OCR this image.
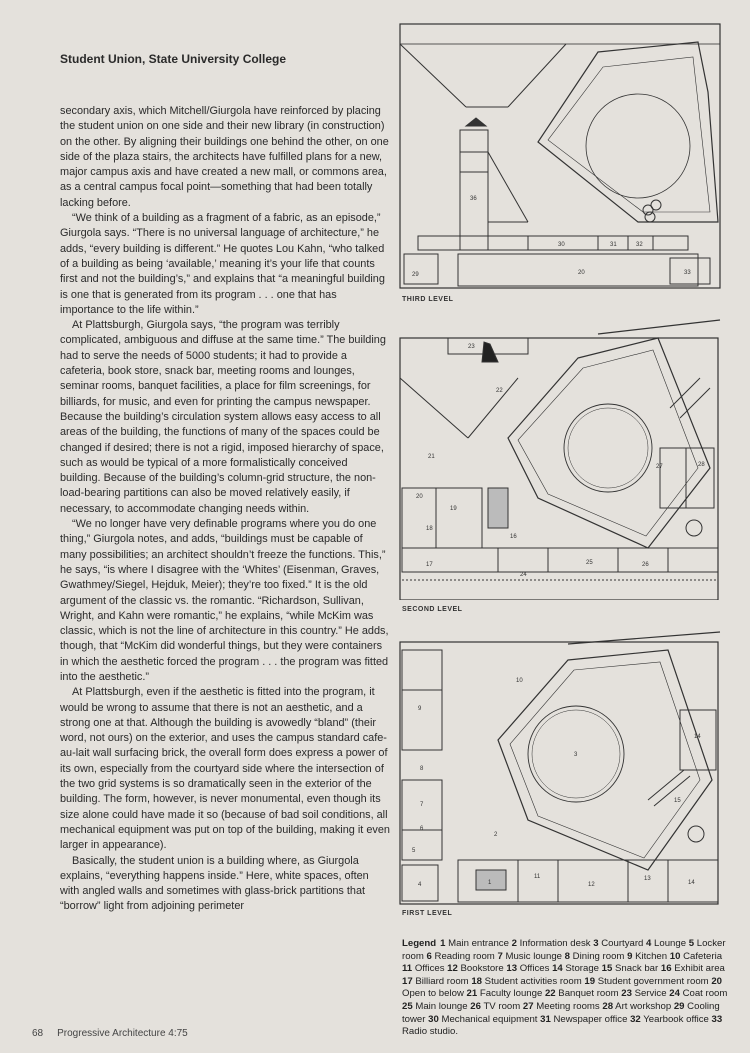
Student Union, State University College

secondary axis, which Mitchell/Giurgola have reinforced by placing the student union on one side and their new library (in construction) on the other. By aligning their buildings one behind the other, on one side of the plaza stairs, the architects have fulfilled plans for a new, major campus axis and have created a new mall, or commons area, as a central campus focal point—something that had been totally lacking before.

“We think of a building as a fragment of a fabric, as an episode,” Giurgola says. “There is no universal language of architecture,” he adds, “every building is different.” He quotes Lou Kahn, “who talked of a building as being ‘available,’ meaning it’s your life that counts first and not the building’s,” and explains that “a meaningful building is one that is generated from its program . . . one that has importance to the life within.”

At Plattsburgh, Giurgola says, “the program was terribly complicated, ambiguous and diffuse at the same time.” The building had to serve the needs of 5000 students; it had to provide a cafeteria, book store, snack bar, meeting rooms and lounges, seminar rooms, banquet facilities, a place for film screenings, for billiards, for music, and even for printing the campus newspaper. Because the building’s circulation system allows easy access to all areas of the building, the functions of many of the spaces could be changed if desired; there is not a rigid, imposed hierarchy of space, such as would be typical of a more formalistically conceived building. Because of the building’s column-grid structure, the non-load-bearing partitions can also be moved relatively easily, if necessary, to accommodate changing needs within.

“We no longer have very definable programs where you do one thing,” Giurgola notes, and adds, “buildings must be capable of many possibilities; an architect shouldn’t freeze the functions. This,” he says, “is where I disagree with the ‘Whites’ (Eisenman, Graves, Gwathmey/Siegel, Hejduk, Meier); they’re too fixed.” It is the old argument of the classic vs. the romantic. “Richardson, Sullivan, Wright, and Kahn were romantic,” he explains, “while McKim was classic, which is not the line of architecture in this country.” He adds, though, that “McKim did wonderful things, but they were containers in which the aesthetic forced the program . . . the program was fitted into the aesthetic.”

At Plattsburgh, even if the aesthetic is fitted into the program, it would be wrong to assume that there is not an aesthetic, and a strong one at that. Although the building is avowedly “bland” (their word, not ours) on the exterior, and uses the campus standard cafe-au-lait wall surfacing brick, the overall form does express a power of its own, especially from the courtyard side where the intersection of the two grid systems is so dramatically seen in the exterior of the building. The form, however, is never monumental, even though its size alone could have made it so (because of bad soil conditions, all mechanical equipment was put on top of the building, making it even larger in appearance).

Basically, the student union is a building where, as Giurgola explains, “everything happens inside.” Here, white spaces, often with angled walls and sometimes with glass-brick partitions that “borrow” light from adjoining perimeter

36
30	31	32
29	20	33
THIRD LEVEL
23
22
21
27	28
20
19
18
16
17
24
25	26
SECOND LEVEL
10
9
3
14
8
7
6
15
2
5
4	1
11
12
13
14
FIRST LEVEL
Legend 1 Main entrance 2 Information desk 3 Courtyard 4 Lounge 5 Locker room 6 Reading room 7 Music lounge 8 Dining room 9 Kitchen 10 Cafeteria 11 Offices 12 Bookstore 13 Offices 14 Storage 15 Snack bar 16 Exhibit area 17 Billiard room 18 Student activities room 19 Student government room 20 Open to below 21 Faculty lounge 22 Banquet room 23 Service 24 Coat room 25 Main lounge 26 TV room 27 Meeting rooms 28 Art workshop 29 Cooling tower 30 Mechanical equipment 31 Newspaper office 32 Yearbook office 33 Radio studio.
68 Progressive Architecture 4:75
